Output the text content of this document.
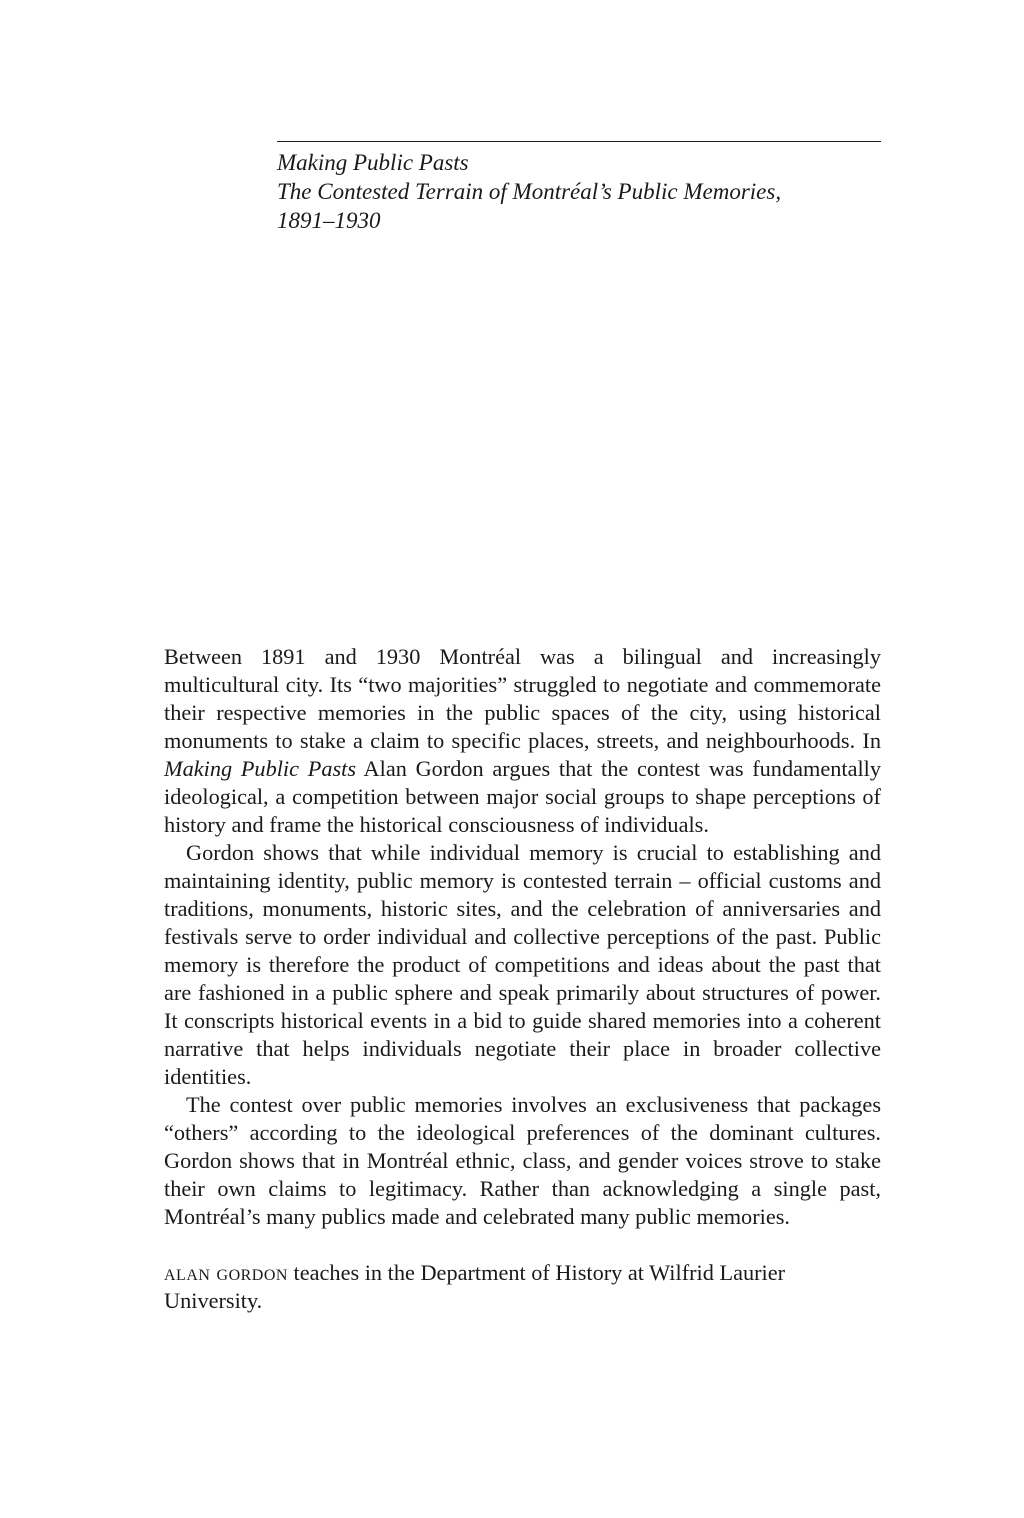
Making Public Pasts
The Contested Terrain of Montréal’s Public Memories,
1891–1930

Between 1891 and 1930 Montréal was a bilingual and increasingly multicultural city. Its “two majorities” struggled to negotiate and commemorate their respective memories in the public spaces of the city, using historical monuments to stake a claim to specific places, streets, and neighbourhoods. In Making Public Pasts Alan Gordon argues that the contest was fundamentally ideological, a competition between major social groups to shape perceptions of history and frame the historical consciousness of individuals.

Gordon shows that while individual memory is crucial to establishing and maintaining identity, public memory is contested terrain – official customs and traditions, monuments, historic sites, and the celebration of anniversaries and festivals serve to order individual and collective perceptions of the past. Public memory is therefore the product of competitions and ideas about the past that are fashioned in a public sphere and speak primarily about structures of power. It conscripts historical events in a bid to guide shared memories into a coherent narrative that helps individuals negotiate their place in broader collective identities.

The contest over public memories involves an exclusiveness that packages “others” according to the ideological preferences of the dominant cultures. Gordon shows that in Montréal ethnic, class, and gender voices strove to stake their own claims to legitimacy. Rather than acknowledging a single past, Montréal’s many publics made and celebrated many public memories.

alan gordon teaches in the Department of History at Wilfrid Laurier University.
